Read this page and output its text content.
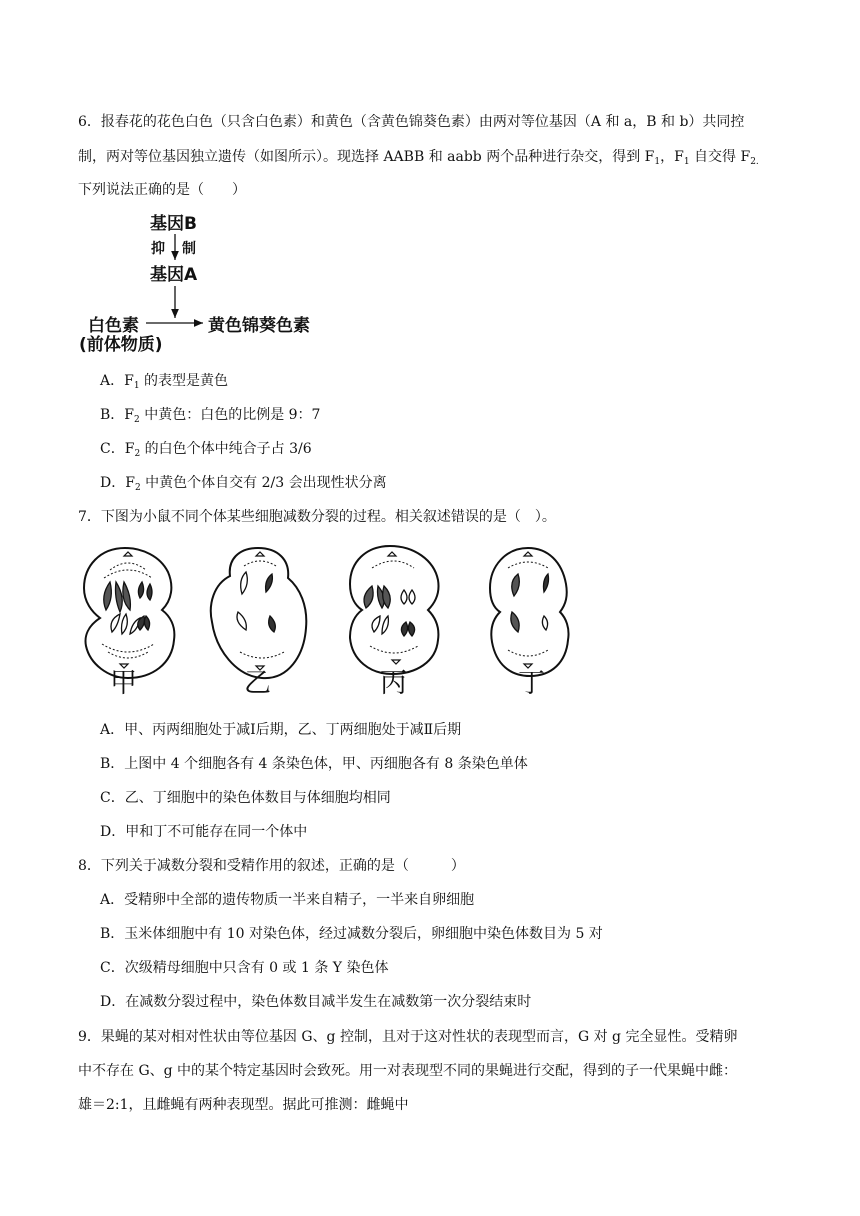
6．报春花的花色白色（只含白色素）和黄色（含黄色锦葵色素）由两对等位基因（A 和 a，B 和 b）共同控
制，两对等位基因独立遗传（如图所示）。现选择 AABB 和 aabb 两个品种进行杂交，得到 $F_1$，$F_1$ 自交得 $F_{2.}$
下列说法正确的是（　　）
基因B
抑 制
基因A
白色素	黄色锦葵色素
(前体物质)
A．$F_1$ 的表型是黄色
B．$F_2$ 中黄色：白色的比例是 9：7
C．$F_2$ 的白色个体中纯合子占 3/6
D．$F_2$ 中黄色个体自交有 2/3 会出现性状分离
7．下图为小鼠不同个体某些细胞减数分裂的过程。相关叙述错误的是（　）。
甲	乙	丙	丁
A．甲、丙两细胞处于减Ⅰ后期，乙、丁两细胞处于减Ⅱ后期
B．上图中 4 个细胞各有 4 条染色体，甲、丙细胞各有 8 条染色单体
C．乙、丁细胞中的染色体数目与体细胞均相同
D．甲和丁不可能存在同一个体中
8．下列关于减数分裂和受精作用的叙述，正确的是（　　　）
A．受精卵中全部的遗传物质一半来自精子，一半来自卵细胞
B．玉米体细胞中有 10 对染色体，经过减数分裂后，卵细胞中染色体数目为 5 对
C．次级精母细胞中只含有 0 或 1 条 Y 染色体
D．在减数分裂过程中，染色体数目减半发生在减数第一次分裂结束时
9．果蝇的某对相对性状由等位基因 G、g 控制，且对于这对性状的表现型而言，G 对 g 完全显性。受精卵
中不存在 G、g 中的某个特定基因时会致死。用一对表现型不同的果蝇进行交配，得到的子一代果蝇中雌：
雄＝2:1，且雌蝇有两种表现型。据此可推测：雌蝇中
